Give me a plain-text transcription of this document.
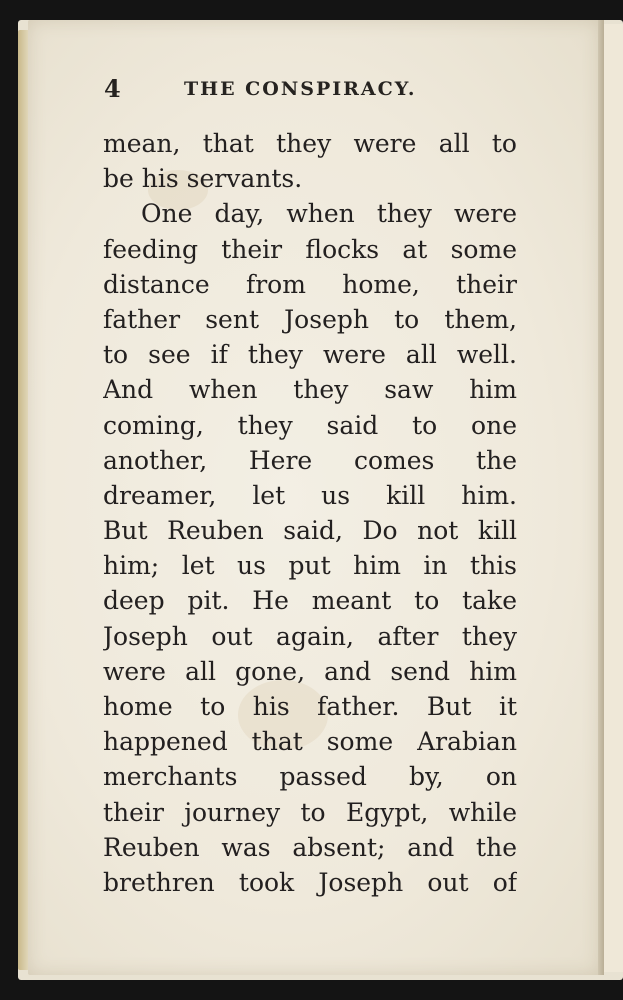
4	THE CONSPIRACY.
mean, that they were all to
be his servants.
One day, when they were
feeding their flocks at some
distance from home, their
father sent Joseph to them,
to see if they were all well.
And when they saw him
coming, they said to one
another, Here comes the
dreamer, let us kill him.
But Reuben said, Do not kill
him; let us put him in this
deep pit. He meant to take
Joseph out again, after they
were all gone, and send him
home to his father. But it
happened that some Arabian
merchants passed by, on
their journey to Egypt, while
Reuben was absent; and the
brethren took Joseph out of
